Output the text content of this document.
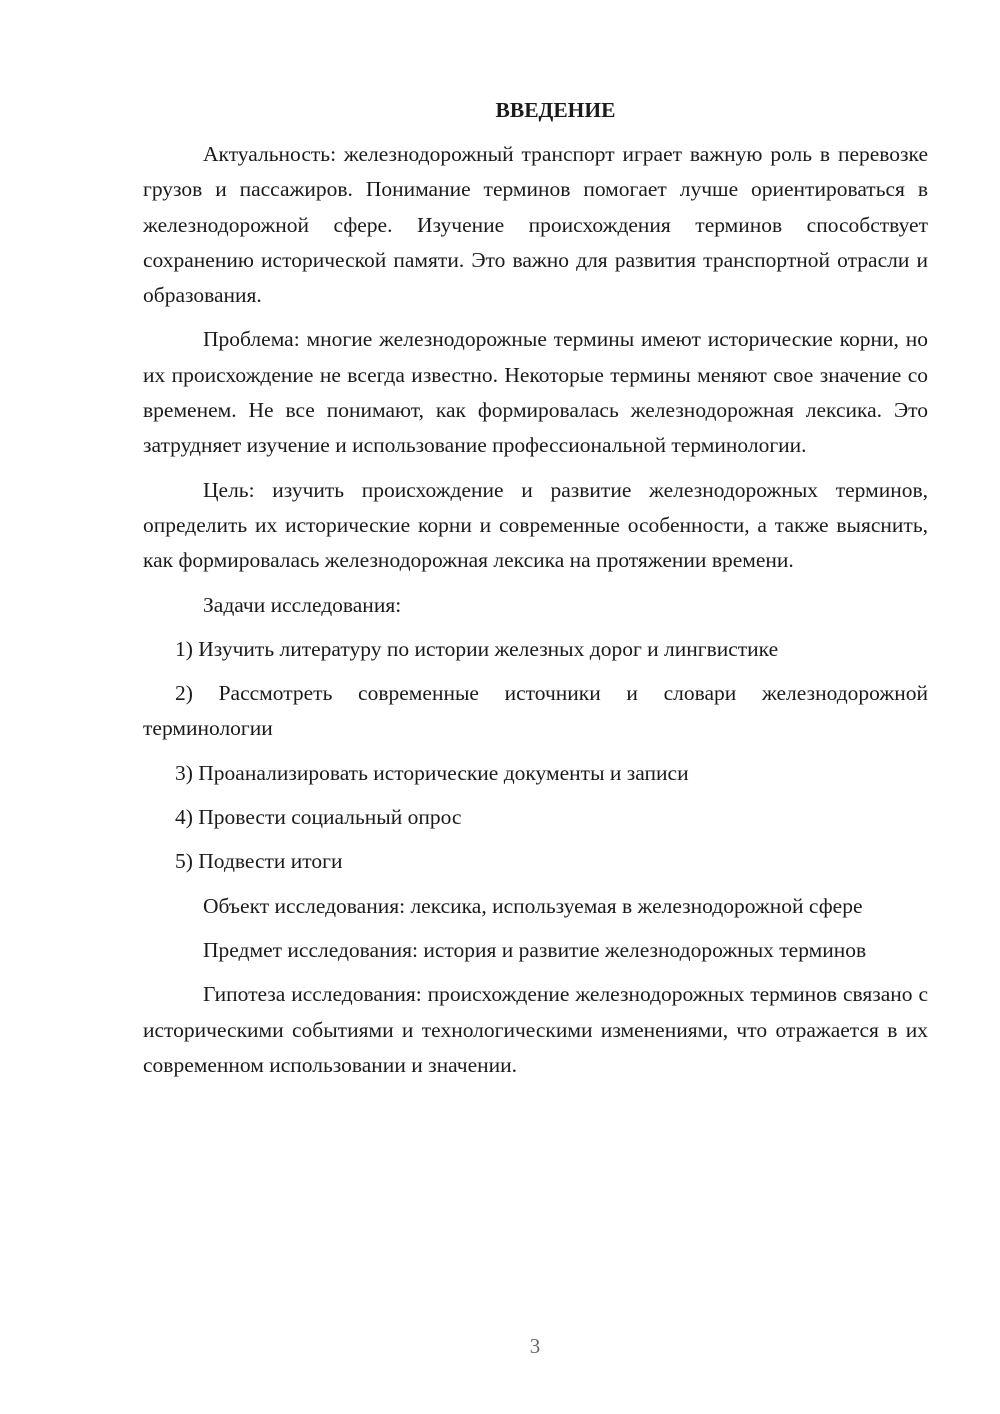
ВВЕДЕНИЕ

Актуальность: железнодорожный транспорт играет важную роль в перевозке грузов и пассажиров. Понимание терминов помогает лучше ориентироваться в железнодорожной сфере. Изучение происхождения терминов способствует сохранению исторической памяти. Это важно для развития транспортной отрасли и образования.

Проблема: многие железнодорожные термины имеют исторические корни, но их происхождение не всегда известно. Некоторые термины меняют свое значение со временем. Не все понимают, как формировалась железнодорожная лексика. Это затрудняет изучение и использование профессиональной терминологии.

Цель: изучить происхождение и развитие железнодорожных терминов, определить их исторические корни и современные особенности, а также выяснить, как формировалась железнодорожная лексика на протяжении времени.

Задачи исследования:

1) Изучить литературу по истории железных дорог и лингвистике

2) Рассмотреть современные источники и словари железнодорожной терминологии

3) Проанализировать исторические документы и записи

4) Провести социальный опрос

5) Подвести итоги

Объект исследования: лексика, используемая в железнодорожной сфере

Предмет исследования: история и развитие железнодорожных терминов

Гипотеза исследования: происхождение железнодорожных терминов связано с историческими событиями и технологическими изменениями, что отражается в их современном использовании и значении.

3
